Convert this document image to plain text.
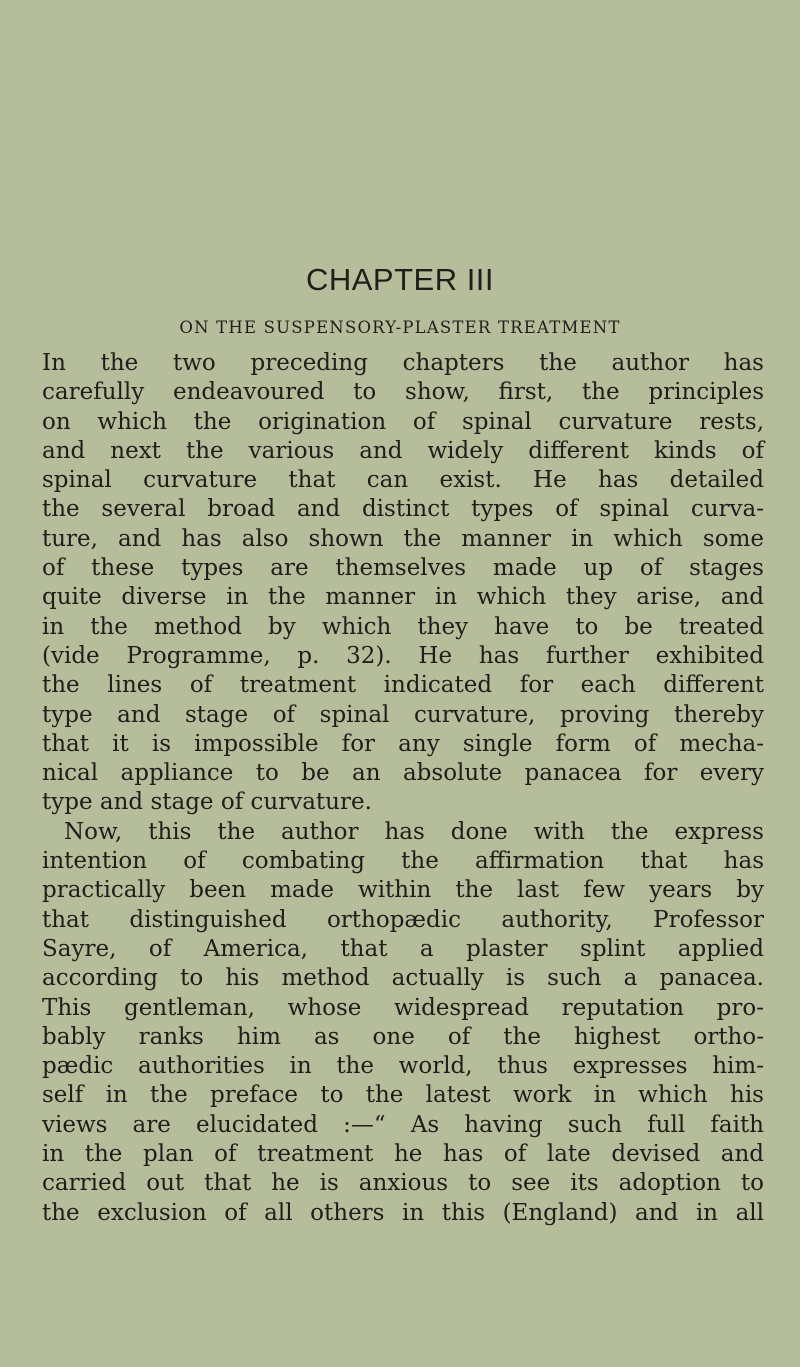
CHAPTER III
ON THE SUSPENSORY-PLASTER TREATMENT
In the two preceding chapters the author has
carefully endeavoured to show, first, the principles
on which the origination of spinal curvature rests,
and next the various and widely different kinds of
spinal curvature that can exist. He has detailed
the several broad and distinct types of spinal curva-
ture, and has also shown the manner in which some
of these types are themselves made up of stages
quite diverse in the manner in which they arise, and
in the method by which they have to be treated
(vide Programme, p. 32). He has further exhibited
the lines of treatment indicated for each different
type and stage of spinal curvature, proving thereby
that it is impossible for any single form of mecha-
nical appliance to be an absolute panacea for every
type and stage of curvature.
Now, this the author has done with the express
intention of combating the affirmation that has
practically been made within the last few years by
that distinguished orthopædic authority, Professor
Sayre, of America, that a plaster splint applied
according to his method actually is such a panacea.
This gentleman, whose widespread reputation pro-
bably ranks him as one of the highest ortho-
pædic authorities in the world, thus expresses him-
self in the preface to the latest work in which his
views are elucidated :—“ As having such full faith
in the plan of treatment he has of late devised and
carried out that he is anxious to see its adoption to
the exclusion of all others in this (England) and in all
